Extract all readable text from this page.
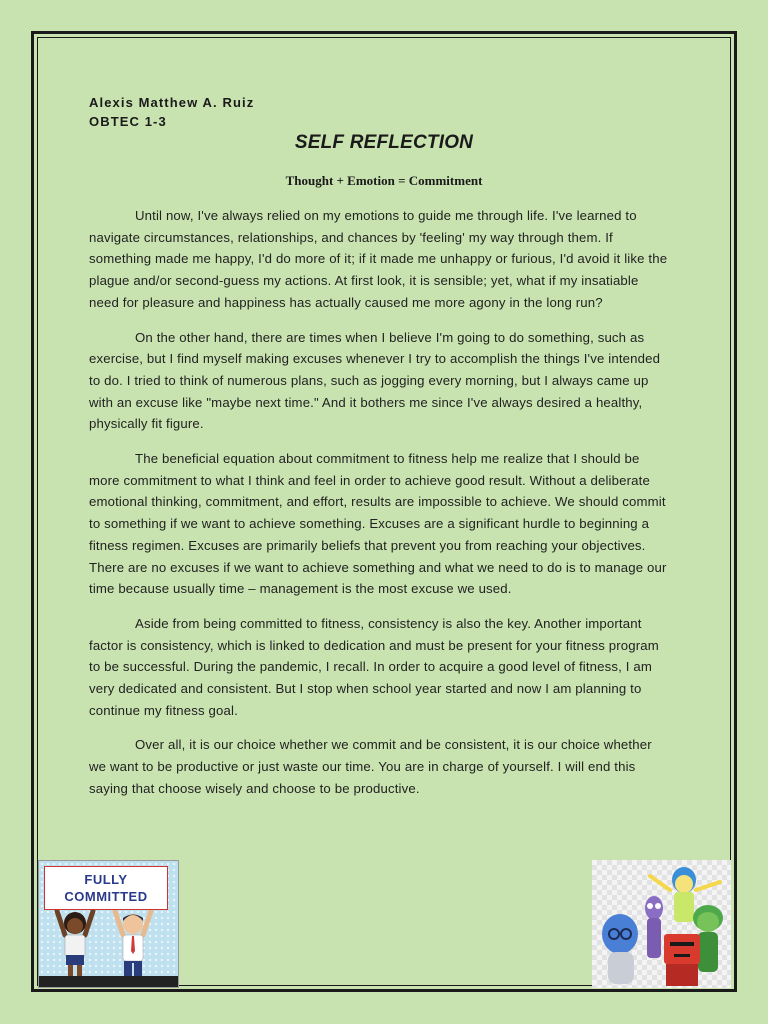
Alexis Matthew A. Ruiz
OBTEC 1-3
SELF REFLECTION
Thought + Emotion = Commitment

Until now, I've always relied on my emotions to guide me through life. I've learned to navigate circumstances, relationships, and chances by 'feeling' my way through them. If something made me happy, I'd do more of it; if it made me unhappy or furious, I'd avoid it like the plague and/or second-guess my actions. At first look, it is sensible; yet, what if my insatiable need for pleasure and happiness has actually caused me more agony in the long run?

On the other hand, there are times when I believe I'm going to do something, such as exercise, but I find myself making excuses whenever I try to accomplish the things I've intended to do. I tried to think of numerous plans, such as jogging every morning, but I always came up with an excuse like "maybe next time." And it bothers me since I've always desired a healthy, physically fit figure.

The beneficial equation about commitment to fitness help me realize that I should be more commitment to what I think and feel in order to achieve good result. Without a deliberate emotional thinking, commitment, and effort, results are impossible to achieve. We should commit to something if we want to achieve something. Excuses are a significant hurdle to beginning a fitness regimen. Excuses are primarily beliefs that prevent you from reaching your objectives. There are no excuses if we want to achieve something and what we need to do is to manage our time because usually time – management is the most excuse we used.

Aside from being committed to fitness, consistency is also the key. Another important factor is consistency, which is linked to dedication and must be present for your fitness program to be successful. During the pandemic, I recall. In order to acquire a good level of fitness, I am very dedicated and consistent. But I stop when school year started and now I am planning to continue my fitness goal.

Over all, it is our choice whether we commit and be consistent, it is our choice whether we want to be productive or just waste our time. You are in charge of yourself. I will end this saying that choose wisely and choose to be productive.

FULLY
COMMITTED
